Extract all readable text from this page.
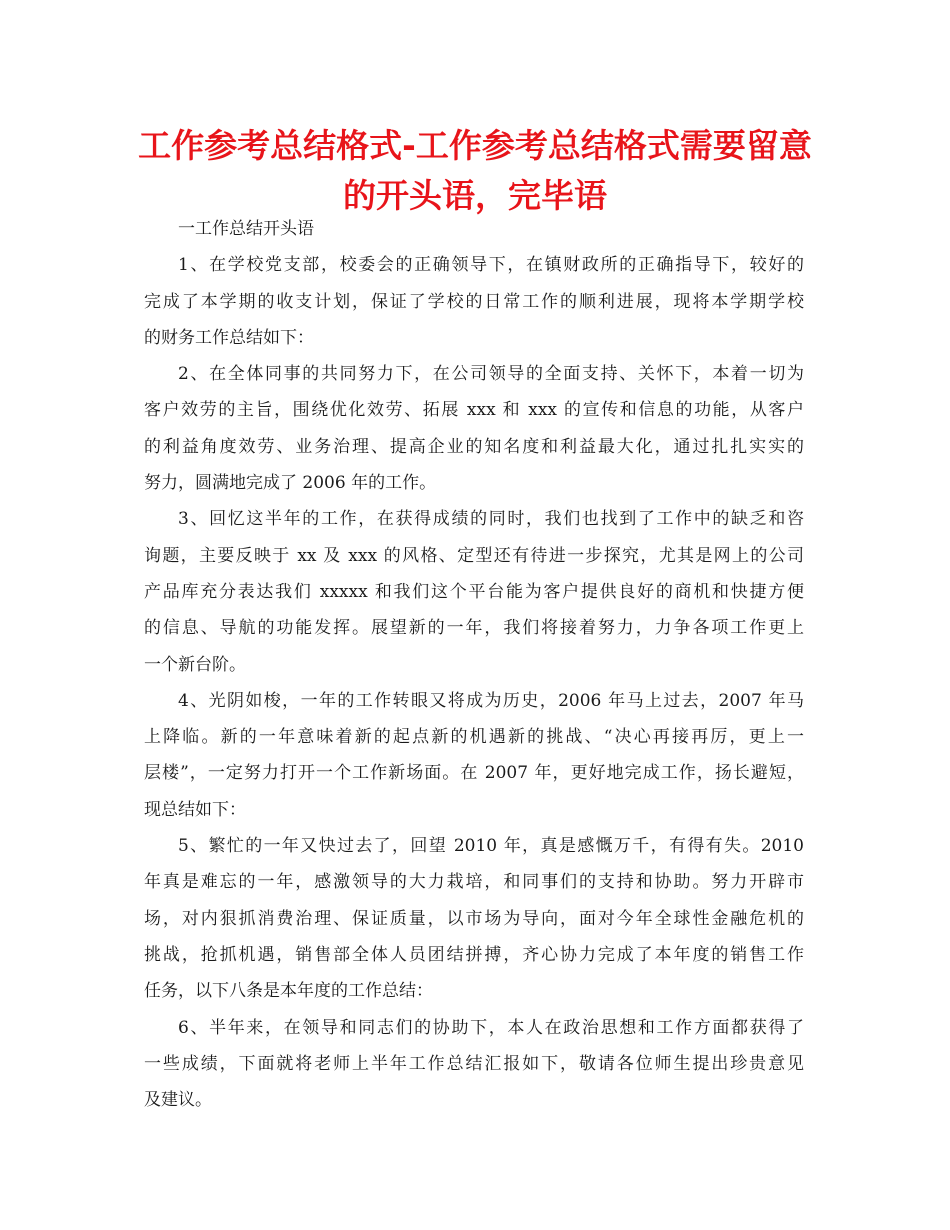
工作参考总结格式-工作参考总结格式需要留意
的开头语，完毕语
一工作总结开头语
1、在学校党支部，校委会的正确领导下，在镇财政所的正确指导下，较好的
完成了本学期的收支计划，保证了学校的日常工作的顺利进展，现将本学期学校
的财务工作总结如下：
2、在全体同事的共同努力下，在公司领导的全面支持、关怀下，本着一切为
客户效劳的主旨，围绕优化效劳、拓展 xxx 和 xxx 的宣传和信息的功能，从客户
的利益角度效劳、业务治理、提高企业的知名度和利益最大化，通过扎扎实实的
努力，圆满地完成了 2006 年的工作。
3、回忆这半年的工作，在获得成绩的同时，我们也找到了工作中的缺乏和咨
询题，主要反映于 xx 及 xxx 的风格、定型还有待进一步探究，尤其是网上的公司
产品库充分表达我们 xxxxx 和我们这个平台能为客户提供良好的商机和快捷方便
的信息、导航的功能发挥。展望新的一年，我们将接着努力，力争各项工作更上
一个新台阶。
4、光阴如梭，一年的工作转眼又将成为历史，2006 年马上过去，2007 年马
上降临。新的一年意味着新的起点新的机遇新的挑战、“决心再接再厉，更上一
层楼”，一定努力打开一个工作新场面。在 2007 年，更好地完成工作，扬长避短，
现总结如下：
5、繁忙的一年又快过去了，回望 2010 年，真是感慨万千，有得有失。2010
年真是难忘的一年，感激领导的大力栽培，和同事们的支持和协助。努力开辟市
场，对内狠抓消费治理、保证质量，以市场为导向，面对今年全球性金融危机的
挑战，抢抓机遇，销售部全体人员团结拼搏，齐心协力完成了本年度的销售工作
任务，以下八条是本年度的工作总结：
6、半年来，在领导和同志们的协助下，本人在政治思想和工作方面都获得了
一些成绩，下面就将老师上半年工作总结汇报如下，敬请各位师生提出珍贵意见
及建议。
